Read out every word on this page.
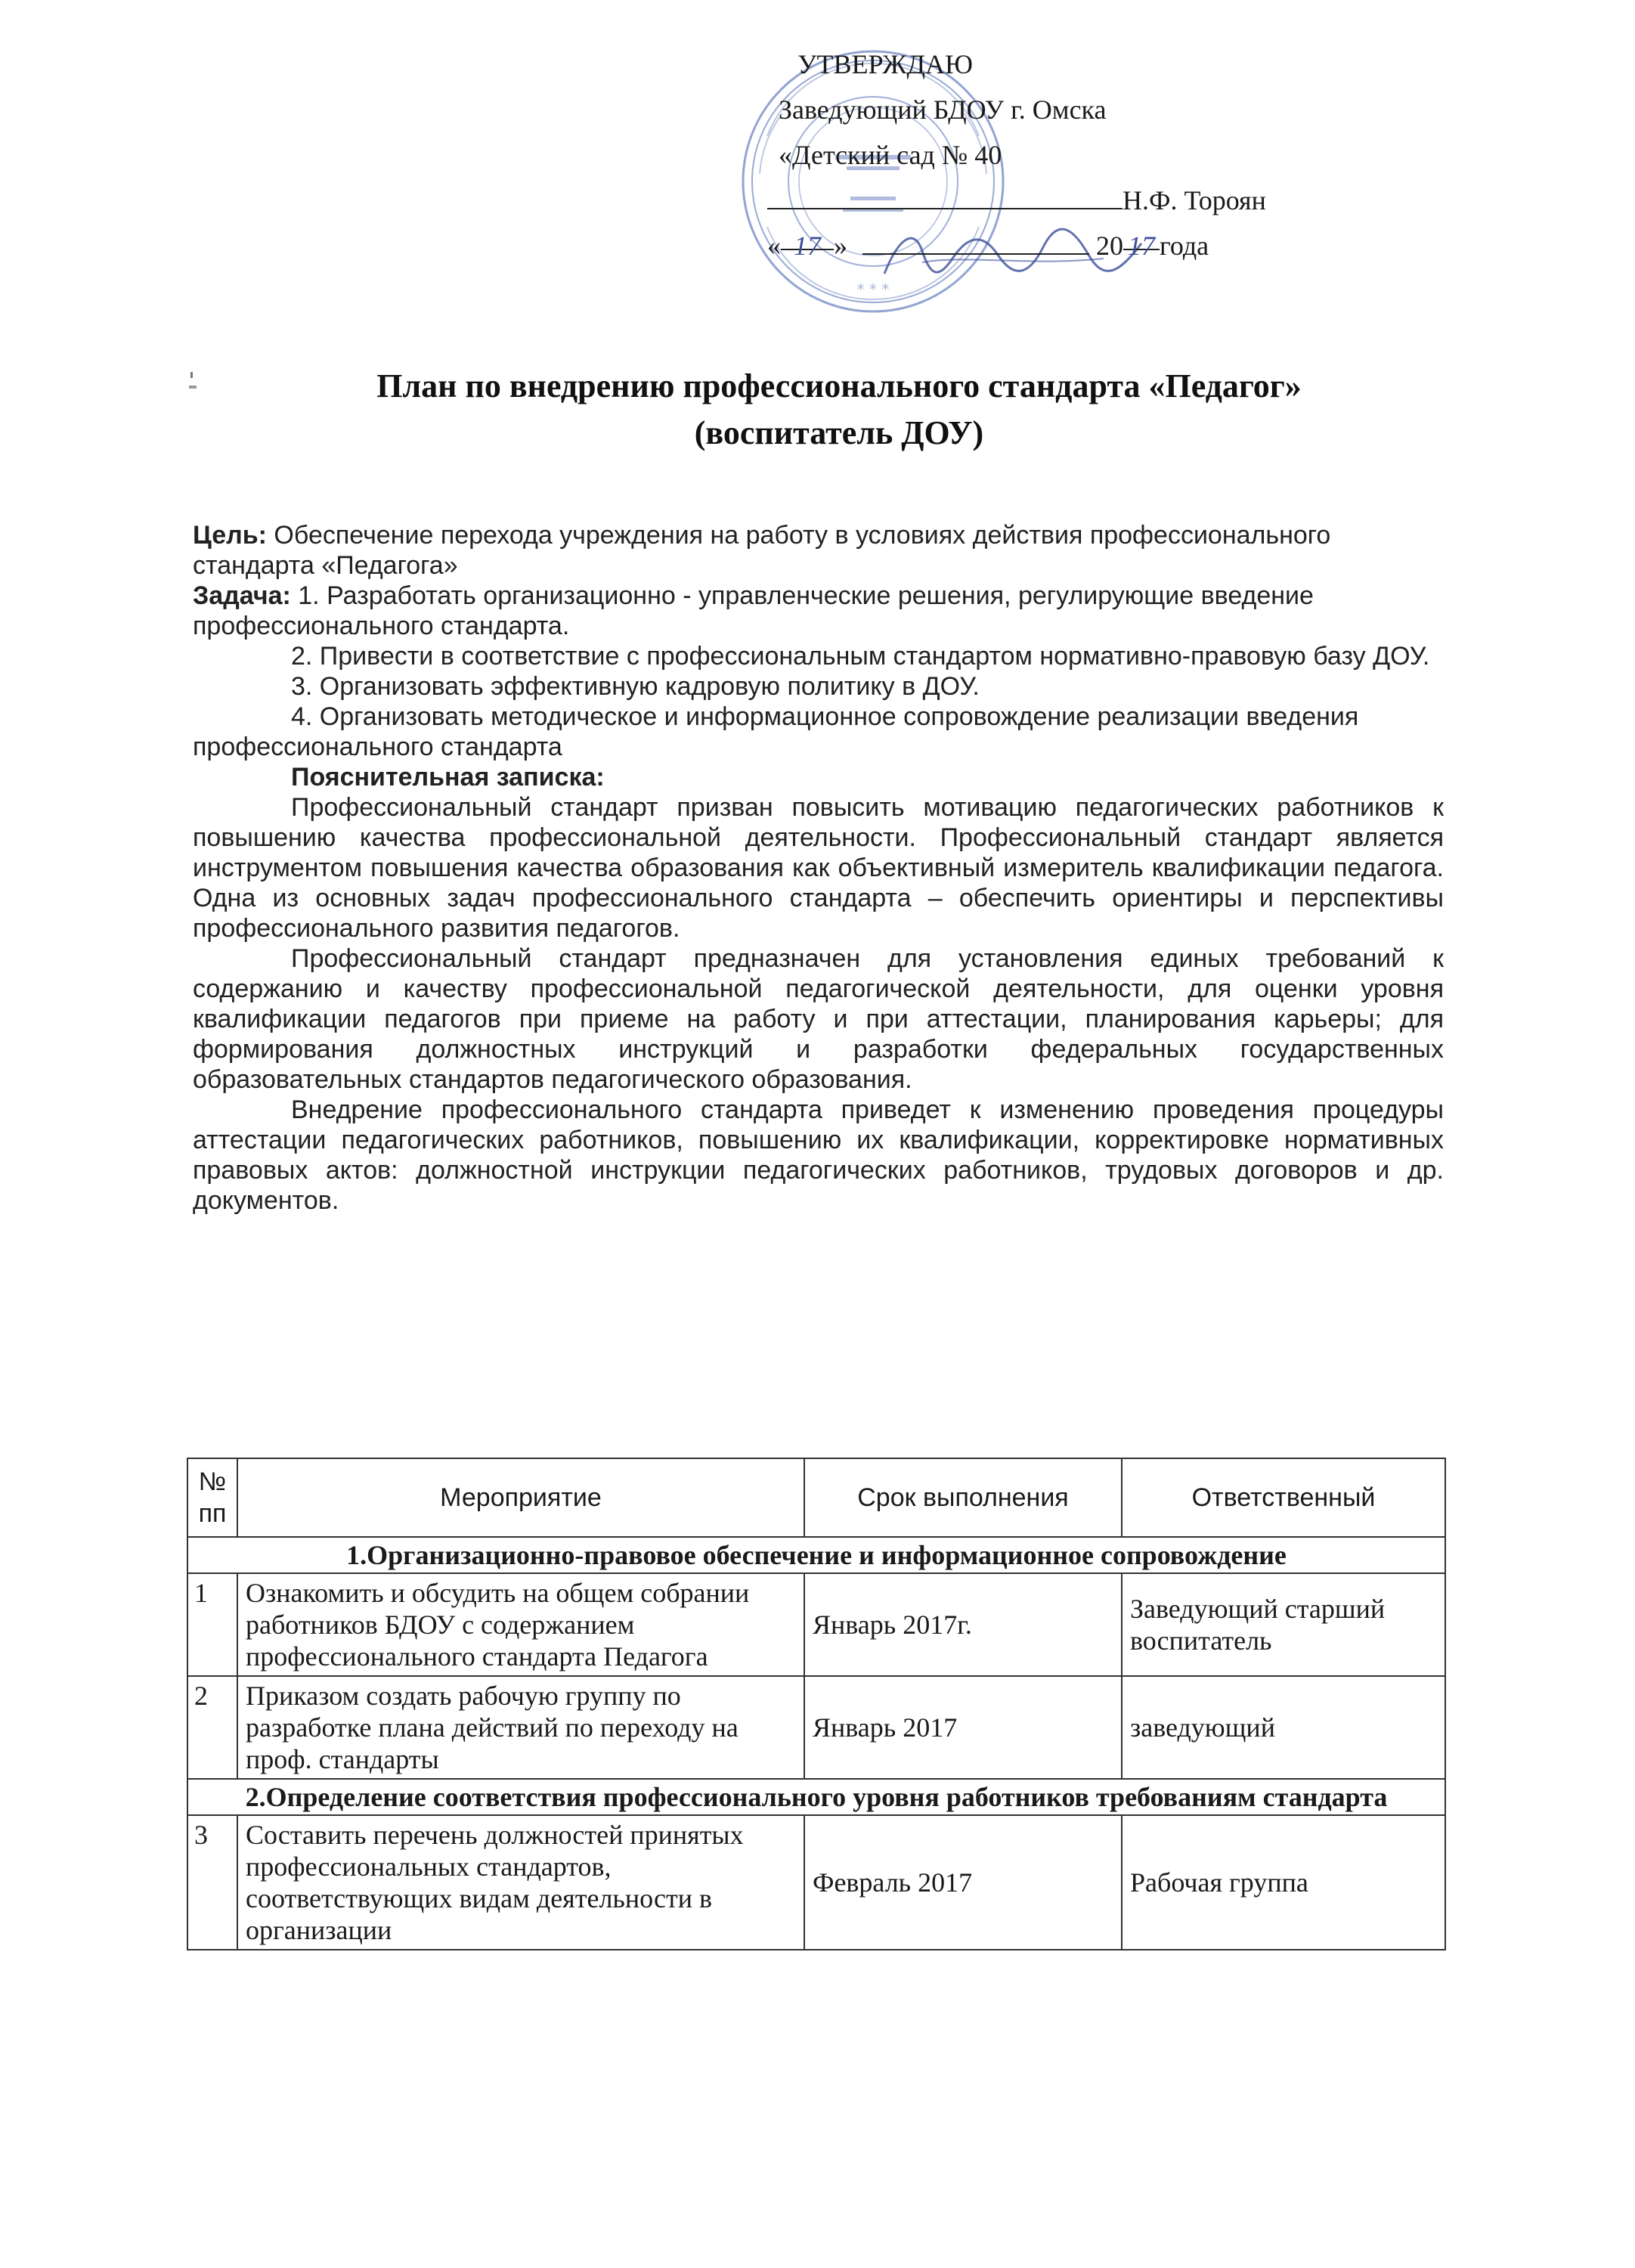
* * *
УТВЕРЖДАЮ
Заведующий БДОУ г. Омска
«Детский сад № 40
Н.Ф. Тороян
« 17 »	20 17 года
План по внедрению профессионального стандарта «Педагог»
(воспитатель ДОУ)

Цель: Обеспечение перехода учреждения на работу в условиях действия профессионального стандарта «Педагога»

Задача: 1. Разработать организационно - управленческие решения, регулирующие введение профессионального стандарта.

2. Привести в соответствие с профессиональным стандартом нормативно-правовую базу ДОУ.

3. Организовать эффективную кадровую политику в ДОУ.

4. Организовать методическое и информационное сопровождение реализации введения профессионального стандарта

Пояснительная записка:

Профессиональный стандарт призван повысить мотивацию педагогических работников к повышению качества профессиональной деятельности. Профессиональный стандарт является инструментом повышения качества образования как объективный измеритель квалификации педагога. Одна из основных задач профессионального стандарта – обеспечить ориентиры и перспективы профессионального развития педагогов.

Профессиональный стандарт предназначен для установления единых требований к содержанию и качеству профессиональной педагогической деятельности, для оценки уровня квалификации педагогов при приеме на работу и при аттестации, планирования карьеры; для формирования должностных инструкций и разработки федеральных государственных образовательных стандартов педагогического образования.

Внедрение профессионального стандарта приведет к изменению проведения процедуры аттестации педагогических работников, повышению их квалификации, корректировке нормативных правовых актов: должностной инструкции педагогических работников, трудовых договоров и др. документов.

№ пп	Мероприятие	Срок выполнения	Ответственный
1.Организационно-правовое обеспечение и информационное сопровождение			
1	Ознакомить и обсудить на общем собрании работников БДОУ с содержанием профессионального стандарта Педагога	Январь 2017г.	Заведующий старший воспитатель
2	Приказом создать рабочую группу по разработке плана действий по переходу на проф. стандарты	Январь 2017	заведующий
2.Определение соответствия профессионального уровня работников требованиям стандарта			
3	Составить перечень должностей принятых профессиональных стандартов, соответствующих видам деятельности в организации	Февраль 2017	Рабочая группа
